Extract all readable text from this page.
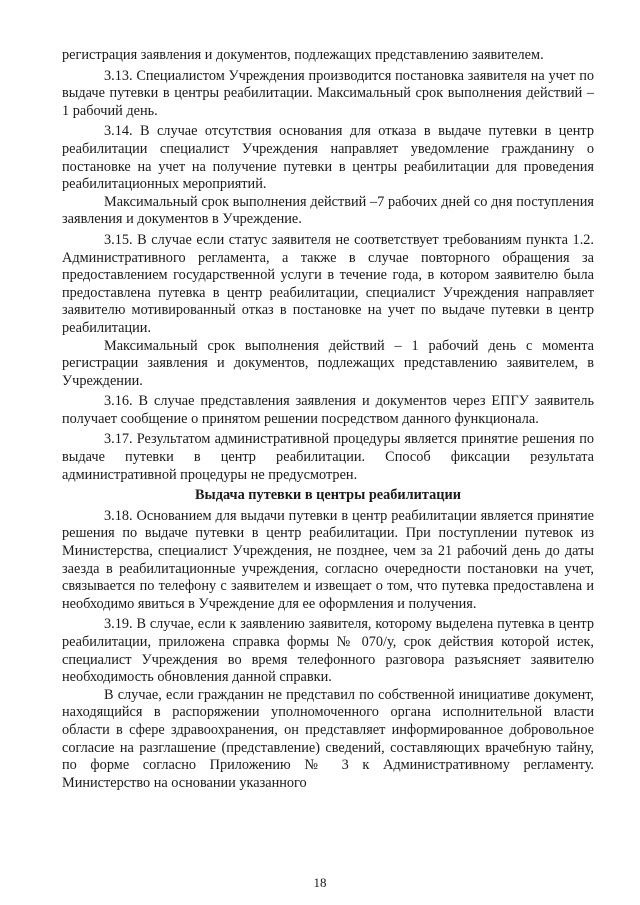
регистрация заявления и документов, подлежащих представлению заявителем.

3.13. Специалистом Учреждения производится постановка заявителя на учет по выдаче путевки в центры реабилитации. Максимальный срок выполнения действий – 1 рабочий день.

3.14. В случае отсутствия основания для отказа в выдаче путевки в центр реабилитации специалист Учреждения направляет уведомление гражданину о постановке на учет на получение путевки в центры реабилитации для проведения реабилитационных мероприятий.

Максимальный срок выполнения действий –7 рабочих дней со дня поступления заявления и документов в Учреждение.

3.15. В случае если статус заявителя не соответствует требованиям пункта 1.2. Административного регламента, а также в случае повторного обращения за предоставлением государственной услуги в течение года, в котором заявителю была предоставлена путевка в центр реабилитации, специалист Учреждения направляет заявителю мотивированный отказ в постановке на учет по выдаче путевки в центр реабилитации.

Максимальный срок выполнения действий – 1 рабочий день с момента регистрации заявления и документов, подлежащих представлению заявителем, в Учреждении.

3.16. В случае представления заявления и документов через ЕПГУ заявитель получает сообщение о принятом решении посредством данного функционала.

3.17. Результатом административной процедуры является принятие решения по выдаче путевки в центр реабилитации. Способ фиксации результата административной процедуры не предусмотрен.

Выдача путевки в центры реабилитации

3.18. Основанием для выдачи путевки в центр реабилитации является принятие решения по выдаче путевки в центр реабилитации. При поступлении путевок из Министерства, специалист Учреждения, не позднее, чем за 21 рабочий день до даты заезда в реабилитационные учреждения, согласно очередности постановки на учет, связывается по телефону с заявителем и извещает о том, что путевка предоставлена и необходимо явиться в Учреждение для ее оформления и получения.

3.19. В случае, если к заявлению заявителя, которому выделена путевка в центр реабилитации, приложена справка формы № 070/у, срок действия которой истек, специалист Учреждения во время телефонного разговора разъясняет заявителю необходимость обновления данной справки.

В случае, если гражданин не представил по собственной инициативе документ, находящийся в распоряжении уполномоченного органа исполнительной власти области в сфере здравоохранения, он представляет информированное добровольное согласие на разглашение (представление) сведений, составляющих врачебную тайну, по форме согласно Приложению № 3 к Административному регламенту. Министерство на основании указанного

18
